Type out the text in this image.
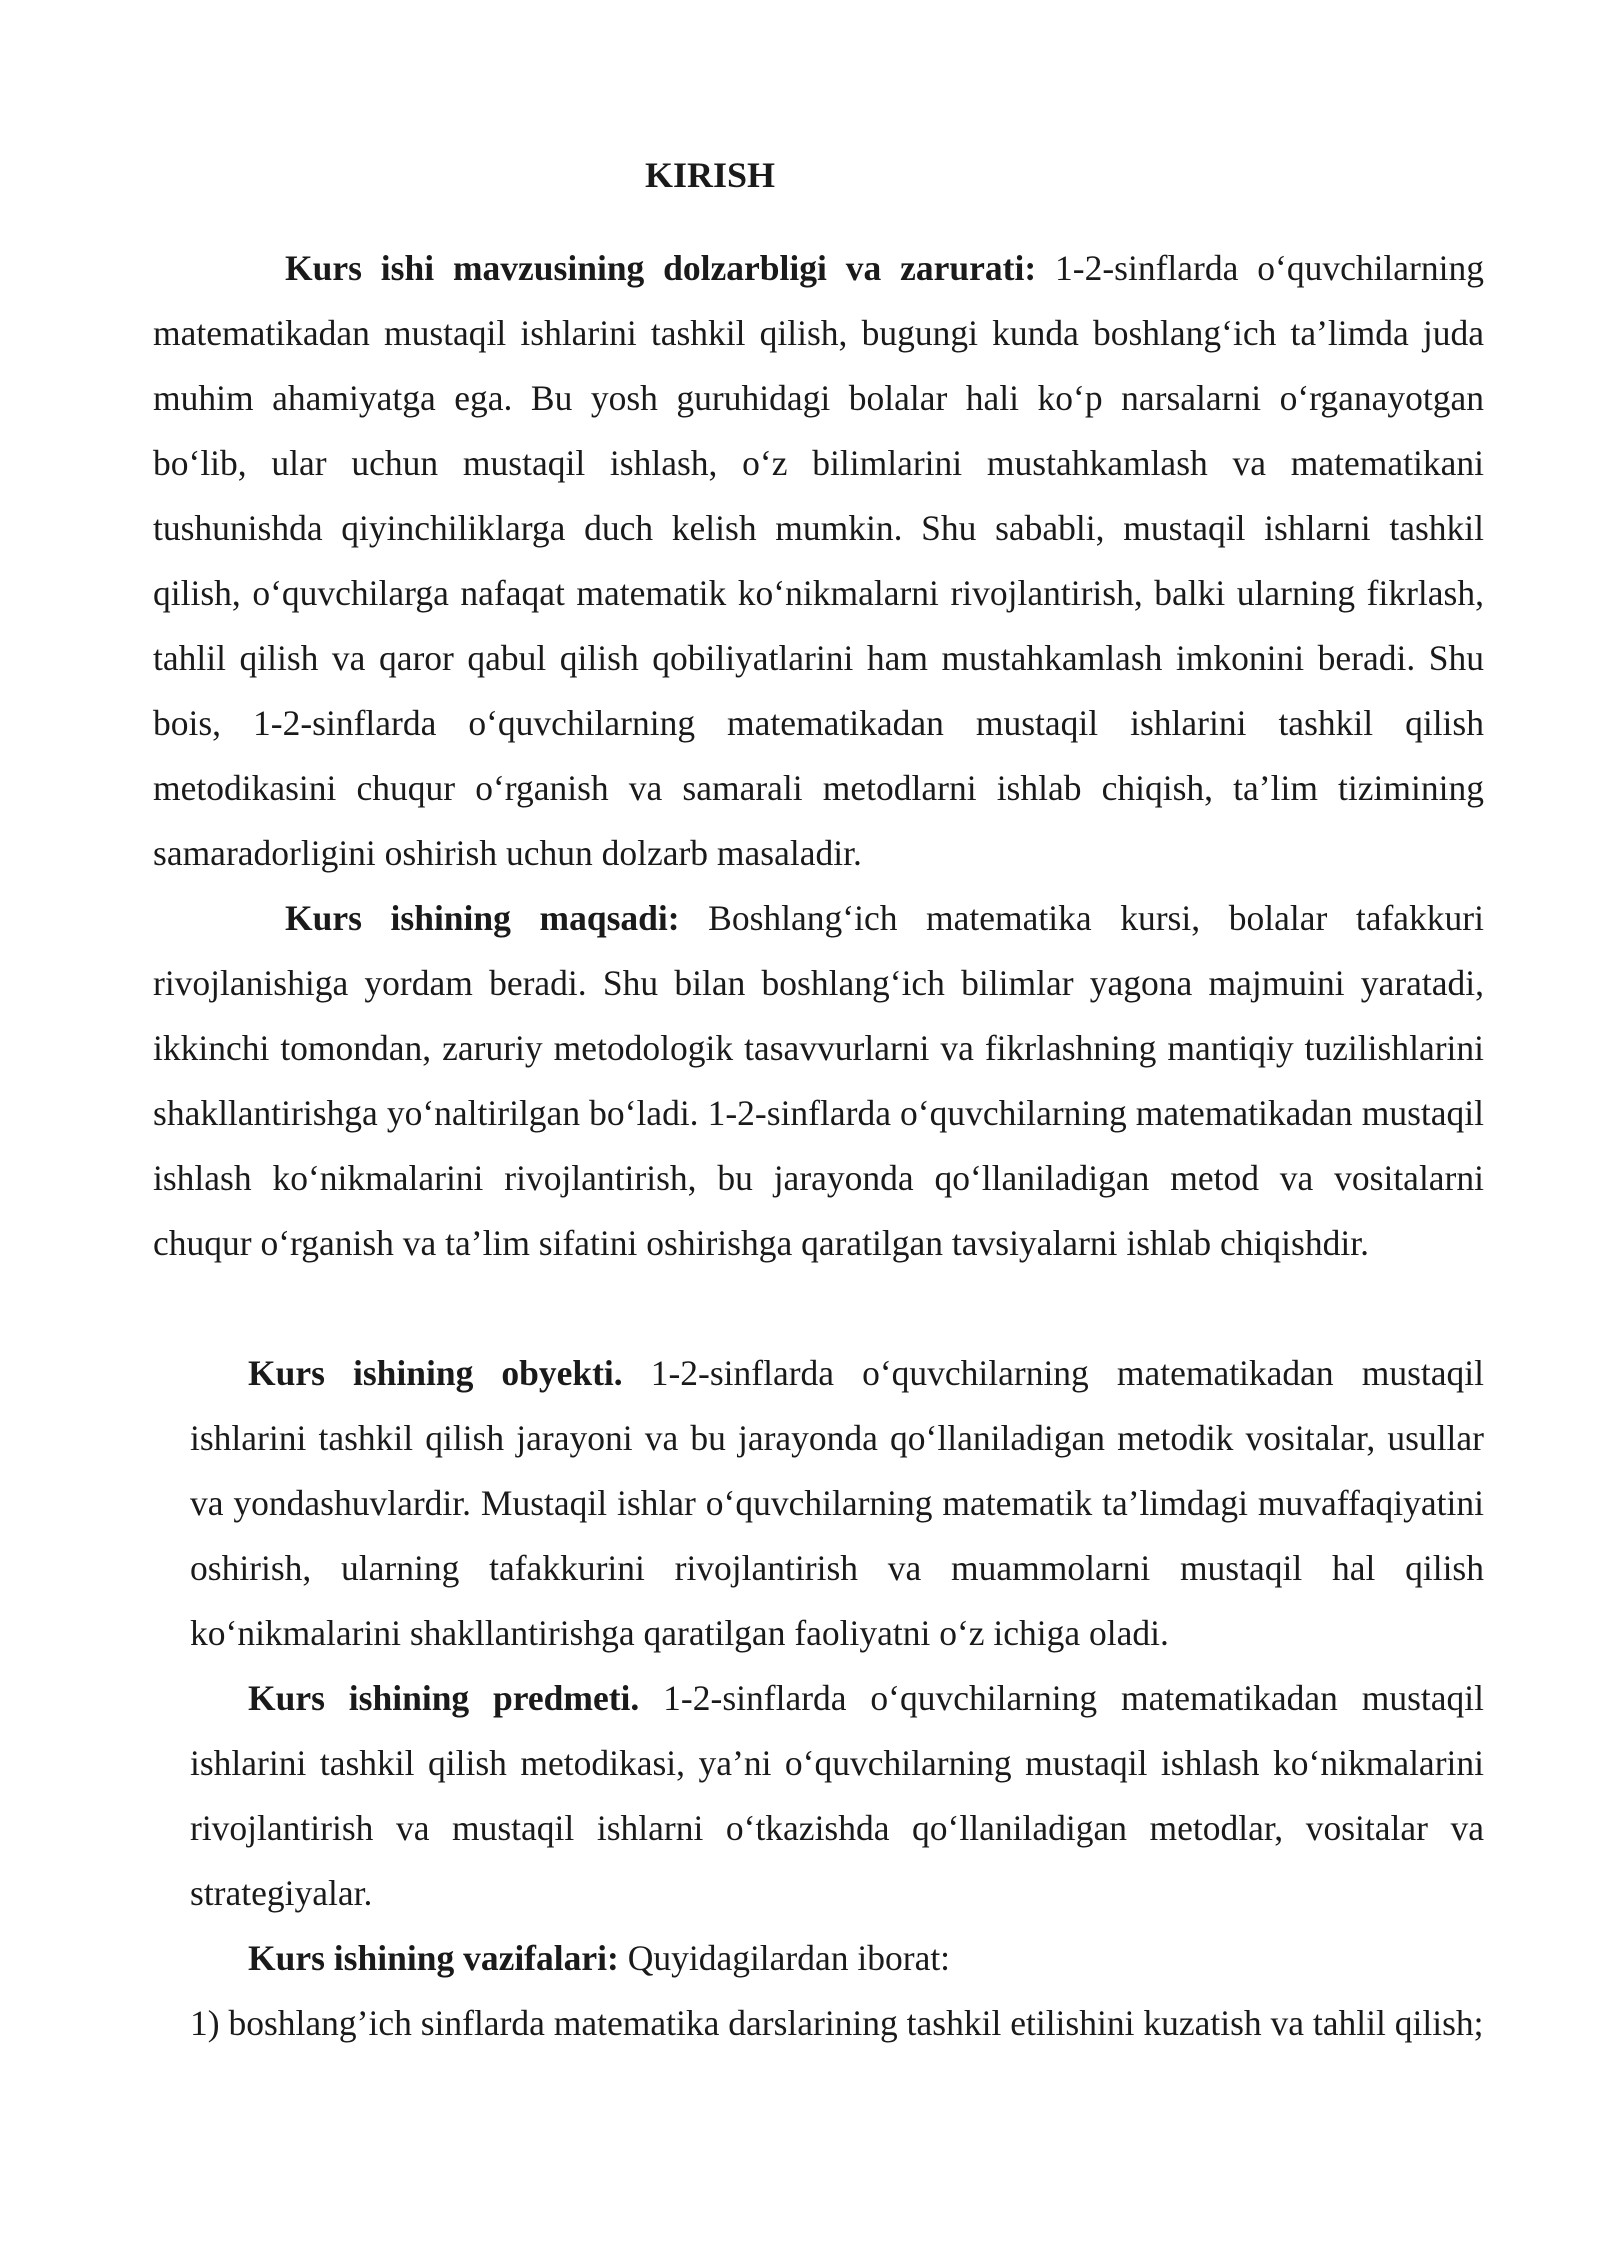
KIRISH

Kurs ishi mavzusining dolzarbligi va zarurati: 1-2-sinflarda o‘quvchilarning matematikadan mustaqil ishlarini tashkil qilish, bugungi kunda boshlang‘ich ta’limda juda muhim ahamiyatga ega. Bu yosh guruhidagi bolalar hali ko‘p narsalarni o‘rganayotgan bo‘lib, ular uchun mustaqil ishlash, o‘z bilimlarini mustahkamlash va matematikani tushunishda qiyinchiliklarga duch kelish mumkin. Shu sababli, mustaqil ishlarni tashkil qilish, o‘quvchilarga nafaqat matematik ko‘nikmalarni rivojlantirish, balki ularning fikrlash, tahlil qilish va qaror qabul qilish qobiliyatlarini ham mustahkamlash imkonini beradi. Shu bois, 1-2-sinflarda o‘quvchilarning matematikadan mustaqil ishlarini tashkil qilish metodikasini chuqur o‘rganish va samarali metodlarni ishlab chiqish, ta’lim tizimining samaradorligini oshirish uchun dolzarb masaladir.

Kurs ishining maqsadi: Boshlang‘ich matematika kursi, bolalar tafakkuri rivojlanishiga yordam beradi. Shu bilan boshlang‘ich bilimlar yagona majmuini yaratadi, ikkinchi tomondan, zaruriy metodologik tasavvurlarni va fikrlashning mantiqiy tuzilishlarini shakllantirishga yo‘naltirilgan bo‘ladi. 1-2-sinflarda o‘quvchilarning matematikadan mustaqil ishlash ko‘nikmalarini rivojlantirish, bu jarayonda qo‘llaniladigan metod va vositalarni chuqur o‘rganish va ta’lim sifatini oshirishga qaratilgan tavsiyalarni ishlab chiqishdir.

Kurs ishining obyekti. 1-2-sinflarda o‘quvchilarning matematikadan mustaqil ishlarini tashkil qilish jarayoni va bu jarayonda qo‘llaniladigan metodik vositalar, usullar va yondashuvlardir. Mustaqil ishlar o‘quvchilarning matematik ta’limdagi muvaffaqiyatini oshirish, ularning tafakkurini rivojlantirish va muammolarni mustaqil hal qilish ko‘nikmalarini shakllantirishga qaratilgan faoliyatni o‘z ichiga oladi.

Kurs ishining predmeti. 1-2-sinflarda o‘quvchilarning matematikadan mustaqil ishlarini tashkil qilish metodikasi, ya’ni o‘quvchilarning mustaqil ishlash ko‘nikmalarini rivojlantirish va mustaqil ishlarni o‘tkazishda qo‘llaniladigan metodlar, vositalar va strategiyalar.

Kurs ishining vazifalari: Quyidagilardan iborat:

1) boshlang’ich sinflarda matematika darslarining tashkil etilishini kuzatish va tahlil qilish;
